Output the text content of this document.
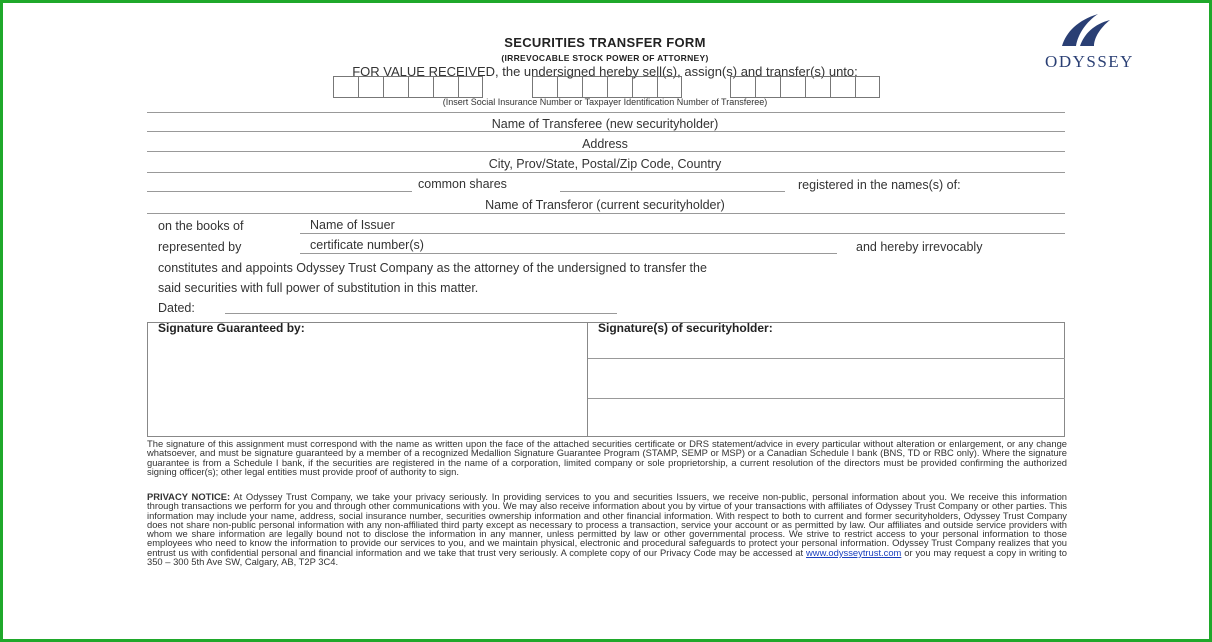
ODYSSEY
SECURITIES TRANSFER FORM
(IRREVOCABLE STOCK POWER OF ATTORNEY)
FOR VALUE RECEIVED, the undersigned hereby sell(s), assign(s) and transfer(s) unto:
(Insert Social Insurance Number or Taxpayer Identification Number of Transferee)
Name of Transferee (new securityholder)
Address
City, Prov/State, Postal/Zip Code, Country
common shares	registered in the names(s) of:
Name of Transferor (current securityholder)
on the books of	Name of Issuer
represented by	certificate number(s)	and hereby irrevocably
constitutes and appoints Odyssey Trust Company as the attorney of the undersigned to transfer the
said securities with full power of substitution in this matter.
Dated:
Signature Guaranteed by:	Signature(s) of securityholder:
The signature of this assignment must correspond with the name as written upon the face of the attached securities certificate or DRS statement/advice in every particular without alteration or enlargement, or any change whatsoever, and must be signature guaranteed by a member of a recognized Medallion Signature Guarantee Program (STAMP, SEMP or MSP) or a Canadian Schedule I bank (BNS, TD or RBC only). Where the signature guarantee is from a Schedule I bank, if the securities are registered in the name of a corporation, limited company or sole proprietorship, a current resolution of the directors must be provided confirming the authorized signing officer(s); other legal entities must provide proof of authority to sign.
PRIVACY NOTICE: At Odyssey Trust Company, we take your privacy seriously. In providing services to you and securities Issuers, we receive non-public, personal information about you. We receive this information through transactions we perform for you and through other communications with you. We may also receive information about you by virtue of your transactions with affiliates of Odyssey Trust Company or other parties. This information may include your name, address, social insurance number, securities ownership information and other financial information. With respect to both to current and former securityholders, Odyssey Trust Company does not share non-public personal information with any non-affiliated third party except as necessary to process a transaction, service your account or as permitted by law. Our affiliates and outside service providers with whom we share information are legally bound not to disclose the information in any manner, unless permitted by law or other governmental process. We strive to restrict access to your personal information to those employees who need to know the information to provide our services to you, and we maintain physical, electronic and procedural safeguards to protect your personal information. Odyssey Trust Company realizes that you entrust us with confidential personal and financial information and we take that trust very seriously. A complete copy of our Privacy Code may be accessed at www.odysseytrust.com or you may request a copy in writing to 350 – 300 5th Ave SW, Calgary, AB, T2P 3C4.
